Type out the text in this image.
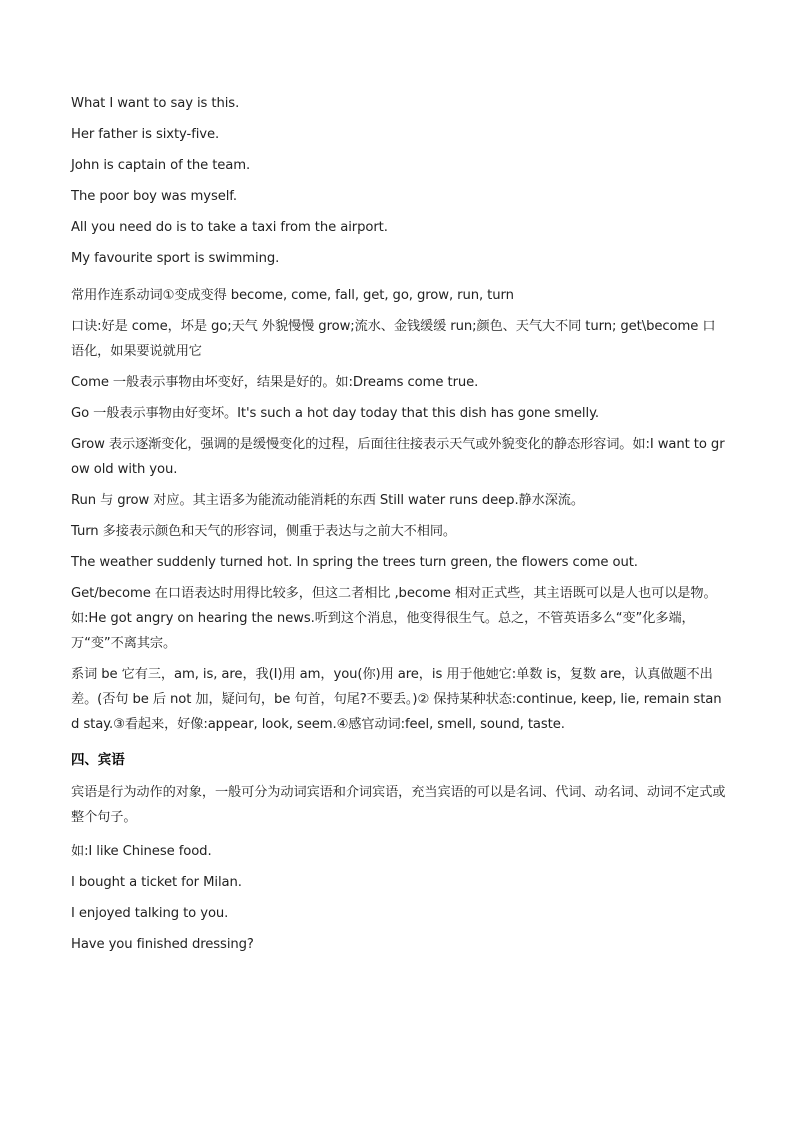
What I want to say is this.
Her father is sixty-five.
John is captain of the team.
The poor boy was myself.
All you need do is to take a taxi from the airport.
My favourite sport is swimming.
常用作连系动词①变成变得 become, come, fall, get, go, grow, run, turn
口诀:好是 come，坏是 go;天气 外貌慢慢 grow;流水、金钱缓缓 run;颜色、天气大不同 turn; get\become 口语化，如果要说就用它
Come 一般表示事物由坏变好，结果是好的。如:Dreams come true.
Go 一般表示事物由好变坏。It's such a hot day today that this dish has gone smelly.
Grow 表示逐渐变化，强调的是缓慢变化的过程，后面往往接表示天气或外貌变化的静态形容词。如:I want to grow old with you.
Run 与 grow 对应。其主语多为能流动能消耗的东西 Still water runs deep.静水深流。
Turn 多接表示颜色和天气的形容词，侧重于表达与之前大不相同。
The weather suddenly turned hot. In spring the trees turn green, the flowers come out.
Get/become 在口语表达时用得比较多，但这二者相比 ,become 相对正式些，其主语既可以是人也可以是物。如:He got angry on hearing the news.听到这个消息，他变得很生气。总之，不管英语多么“变”化多端，万“变”不离其宗。
系词 be 它有三，am, is, are，我(I)用 am，you(你)用 are，is 用于他她它:单数 is，复数 are，认真做题不出差。(否句 be 后 not 加，疑问句，be 句首，句尾?不要丢。)② 保持某种状态:continue, keep, lie, remain stand stay.③看起来，好像:appear, look, seem.④感官动词:feel, smell, sound, taste.
四、宾语
宾语是行为动作的对象，一般可分为动词宾语和介词宾语，充当宾语的可以是名词、代词、动名词、动词不定式或整个句子。
如:I like Chinese food.
I bought a ticket for Milan.
I enjoyed talking to you.
Have you finished dressing?
